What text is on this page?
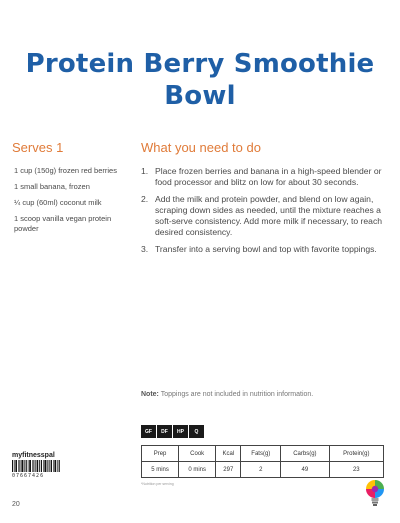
Protein Berry Smoothie Bowl
Serves 1
1 cup (150g) frozen red berries
1 small banana, frozen
¼ cup (60ml) coconut milk
1 scoop vanilla vegan protein powder
What you need to do
1. Place frozen berries and banana in a high-speed blender or food processor and blitz on low for about 30 seconds.
2. Add the milk and protein powder, and blend on low again, scraping down sides as needed, until the mixture reaches a soft-serve consistency. Add more milk if necessary, to reach desired consistency.
3. Transfer into a serving bowl and top with favorite toppings.
Note: Toppings are not included in nutrition information.
GF	DF	HP	Q
Prep	Cook	Kcal	Fats(g)	Carbs(g)	Protein(g)
5 mins	0 mins	297	2	49	23
*Nutrition per serving
myfitnesspal
07667426
20
